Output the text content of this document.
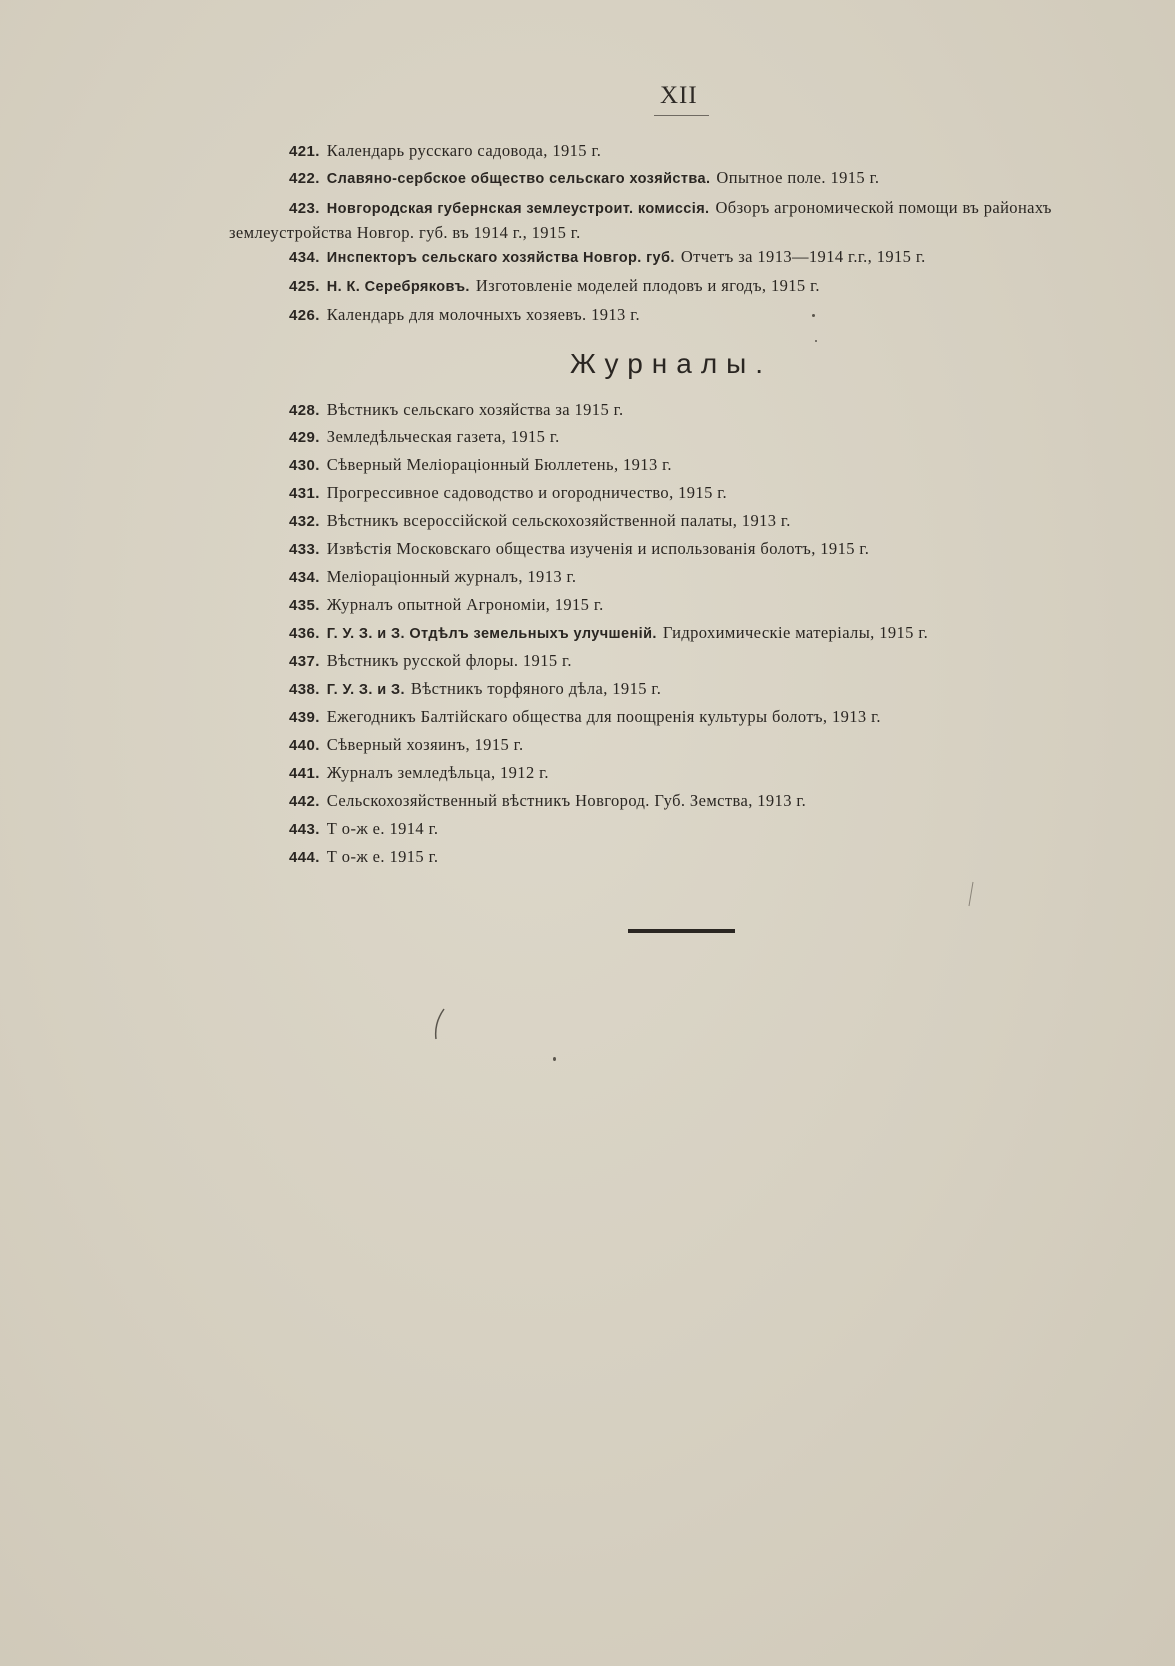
XII
421. Календарь русскаго садовода, 1915 г.
422. Славяно-сербское общество сельскаго хозяйства. Опытное поле. 1915 г.
423. Новгородская губернская землеустроит. комиссія. Обзоръ агрономической помощи въ районахъ землеустройства Новгор. губ. въ 1914 г., 1915 г.
434. Инспекторъ сельскаго хозяйства Новгор. губ. Отчетъ за 1913—1914 г.г., 1915 г.
425. Н. К. Серебряковъ. Изготовленіе моделей плодовъ и ягодъ, 1915 г.
426. Календарь для молочныхъ хозяевъ. 1913 г.
Журналы.
428. Вѣстникъ сельскаго хозяйства за 1915 г.
429. Земледѣльческая газета, 1915 г.
430. Сѣверный Меліораціонный Бюллетень, 1913 г.
431. Прогрессивное садоводство и огородничество, 1915 г.
432. Вѣстникъ всероссійской сельскохозяйственной палаты, 1913 г.
433. Извѣстія Московскаго общества изученія и использованія болотъ, 1915 г.
434. Меліораціонный журналъ, 1913 г.
435. Журналъ опытной Агрономіи, 1915 г.
436. Г. У. З. и З. Отдѣлъ земельныхъ улучшеній. Гидрохимическіе матеріалы, 1915 г.
437. Вѣстникъ русской флоры. 1915 г.
438. Г. У. З. и З. Вѣстникъ торфяного дѣла, 1915 г.
439. Ежегодникъ Балтійскаго общества для поощренія культуры болотъ, 1913 г.
440. Сѣверный хозяинъ, 1915 г.
441. Журналъ земледѣльца, 1912 г.
442. Сельскохозяйственный вѣстникъ Новгород. Губ. Земства, 1913 г.
443. Т о-ж е. 1914 г.
444. Т о-ж е. 1915 г.
